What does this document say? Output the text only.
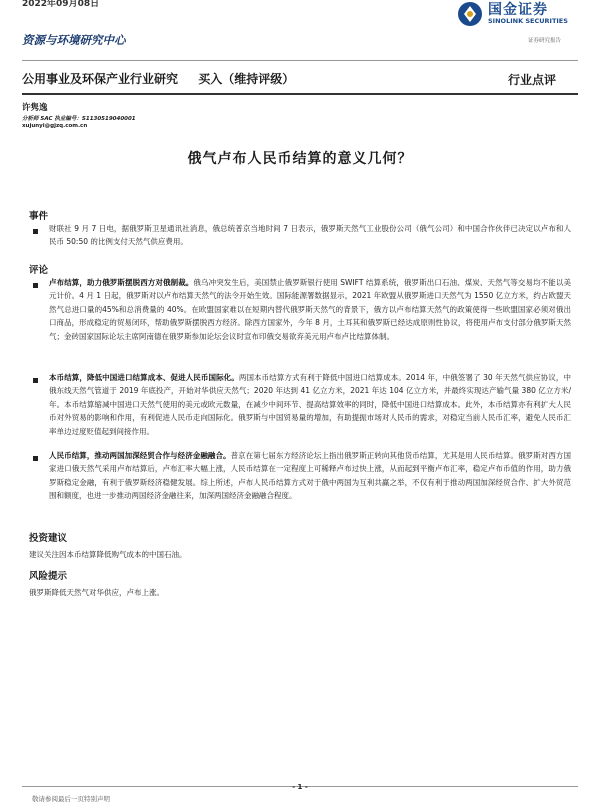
2022年09月08日	国金证券
SINOLINK SECURITIES
证券研究报告
资源与环境研究中心
公用事业及环保产业行业研究 买入（维持评级）	行业点评
许隽逸
分析师 SAC 执业编号：S1130519040001
xujunyi@gjzq.com.cn
俄气卢布人民币结算的意义几何？
事件
财联社 9 月 7 日电，据俄罗斯卫星通讯社消息，俄总统普京当地时间 7 日表示，俄罗斯天然气工业股份公司（俄气公司）和中国合作伙伴已决定以卢布和人民币 50:50 的比例支付天然气供应费用。
评论
卢布结算，助力俄罗斯摆脱西方对俄制裁。俄乌冲突发生后，美国禁止俄罗斯银行使用 SWIFT 结算系统，俄罗斯出口石油、煤炭、天然气等交易均不能以美元计价。4 月 1 日起，俄罗斯对以卢布结算天然气的法令开始生效。国际能源署数据显示，2021 年欧盟从俄罗斯进口天然气为 1550 亿立方米，约占欧盟天然气总进口量的45%和总消费量的 40%。在欧盟国家难以在短期内替代俄罗斯天然气的背景下，俄方以卢布结算天然气的政策使得一些欧盟国家必须对俄出口商品，形成稳定的贸易闭环，帮助俄罗斯摆脱西方经济。除西方国家外，今年 8 月，土耳其和俄罗斯已经达成原则性协议，将使用卢布支付部分俄罗斯天然气；金砖国家国际论坛主席阿南德在俄罗斯参加论坛会议时宣布印俄交易欲弃美元用卢布卢比结算体制。
本币结算，降低中国进口结算成本、促进人民币国际化。两国本币结算方式有利于降低中国进口结算成本。2014 年，中俄签署了 30 年天然气供应协议，中俄东线天然气管道于 2019 年底投产，开始对华供应天然气；2020 年达到 41 亿立方米，2021 年达 104 亿立方米，并最终实现达产输气量 380 亿立方米/年。本币结算缩减中国进口天然气使用的美元或欧元数量，在减少中间环节、提高结算效率的同时，降低中国进口结算成本。此外，本币结算亦有利扩大人民币对外贸易的影响和作用，有利促进人民币走向国际化。俄罗斯与中国贸易量的增加，有助提振市场对人民币的需求，对稳定当前人民币汇率，避免人民币汇率单边过度贬值起到间接作用。
人民币结算，推动两国加深经贸合作与经济金融融合。普京在第七届东方经济论坛上指出俄罗斯正转向其他货币结算，尤其是用人民币结算。俄罗斯对西方国家进口俄天然气采用卢布结算后，卢布汇率大幅上涨，人民币结算在一定程度上可稀释卢布过快上涨，从而起到平衡卢布汇率，稳定卢布币值的作用，助力俄罗斯稳定金融，有利于俄罗斯经济稳健发展。综上所述，卢布人民币结算方式对于俄中两国为互利共赢之举，不仅有利于推动两国加深经贸合作、扩大外贸范围和额度，也进一步推动两国经济金融往来，加深两国经济金融融合程度。
投资建议
建议关注因本币结算降低购气成本的中国石油。
风险提示
俄罗斯降低天然气对华供应，卢布上涨。
- 1 -
敬请参阅最后一页特别声明
